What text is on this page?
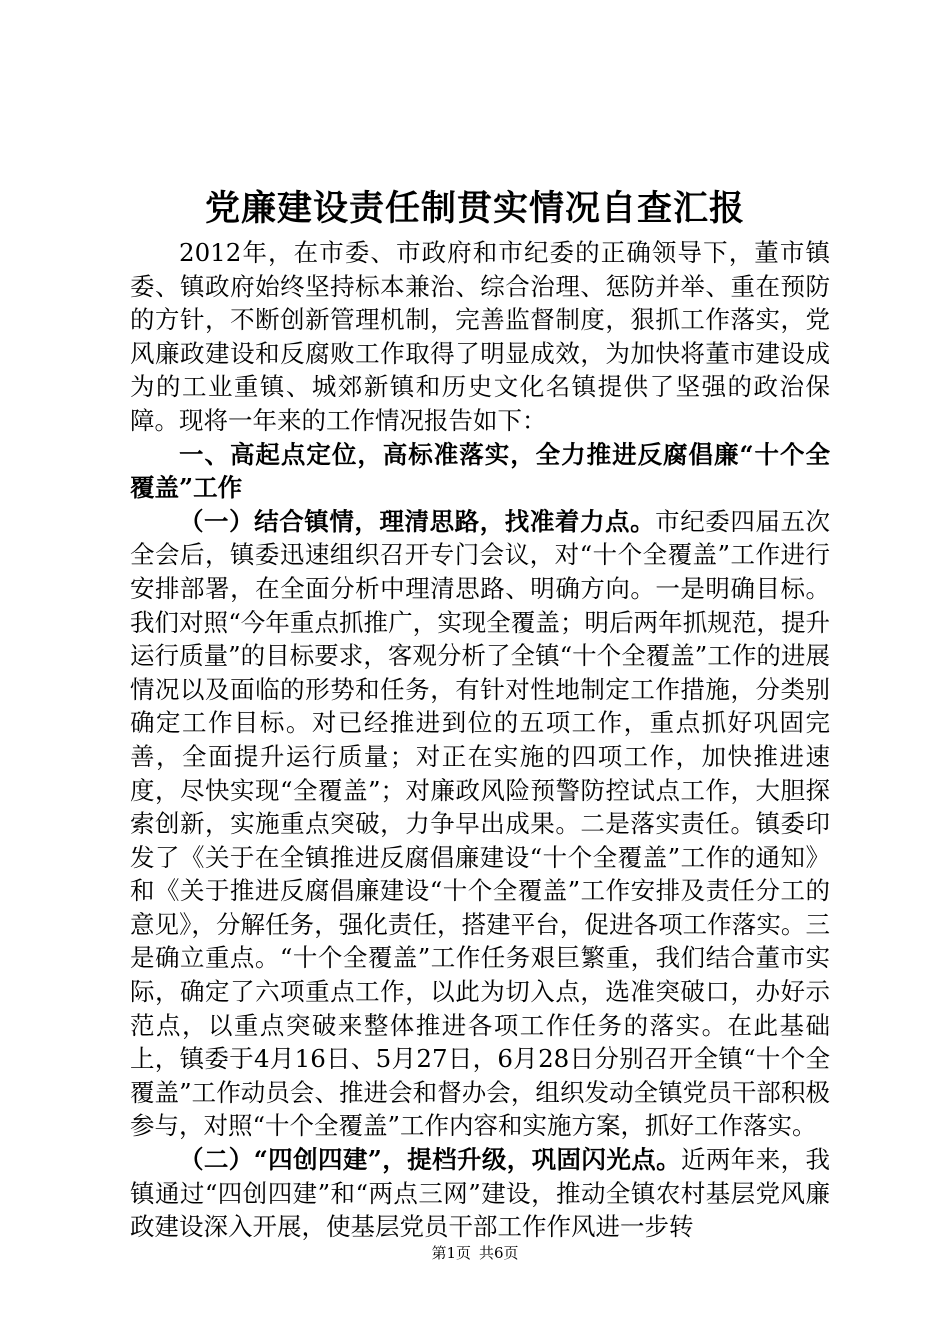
党廉建设责任制贯实情况自查汇报

2012年，在市委、市政府和市纪委的正确领导下，董市镇委、镇政府始终坚持标本兼治、综合治理、惩防并举、重在预防的方针，不断创新管理机制，完善监督制度，狠抓工作落实，党风廉政建设和反腐败工作取得了明显成效，为加快将董市建设成为的工业重镇、城郊新镇和历史文化名镇提供了坚强的政治保障。现将一年来的工作情况报告如下：

一、高起点定位，高标准落实，全力推进反腐倡廉“十个全覆盖”工作

（一）结合镇情，理清思路，找准着力点。市纪委四届五次全会后，镇委迅速组织召开专门会议，对“十个全覆盖”工作进行安排部署，在全面分析中理清思路、明确方向。一是明确目标。我们对照“今年重点抓推广，实现全覆盖；明后两年抓规范，提升运行质量”的目标要求，客观分析了全镇“十个全覆盖”工作的进展情况以及面临的形势和任务，有针对性地制定工作措施，分类别确定工作目标。对已经推进到位的五项工作，重点抓好巩固完善，全面提升运行质量；对正在实施的四项工作，加快推进速度，尽快实现“全覆盖”；对廉政风险预警防控试点工作，大胆探索创新，实施重点突破，力争早出成果。二是落实责任。镇委印发了《关于在全镇推进反腐倡廉建设“十个全覆盖”工作的通知》和《关于推进反腐倡廉建设“十个全覆盖”工作安排及责任分工的意见》，分解任务，强化责任，搭建平台，促进各项工作落实。三是确立重点。“十个全覆盖”工作任务艰巨繁重，我们结合董市实际，确定了六项重点工作，以此为切入点，选准突破口，办好示范点，以重点突破来整体推进各项工作任务的落实。在此基础上，镇委于4月16日、5月27日，6月28日分别召开全镇“十个全覆盖”工作动员会、推进会和督办会，组织发动全镇党员干部积极参与，对照“十个全覆盖”工作内容和实施方案，抓好工作落实。

（二）“四创四建”，提档升级，巩固闪光点。近两年来，我镇通过“四创四建”和“两点三网”建设，推动全镇农村基层党风廉政建设深入开展，使基层党员干部工作作风进一步转

第1页 共6页
